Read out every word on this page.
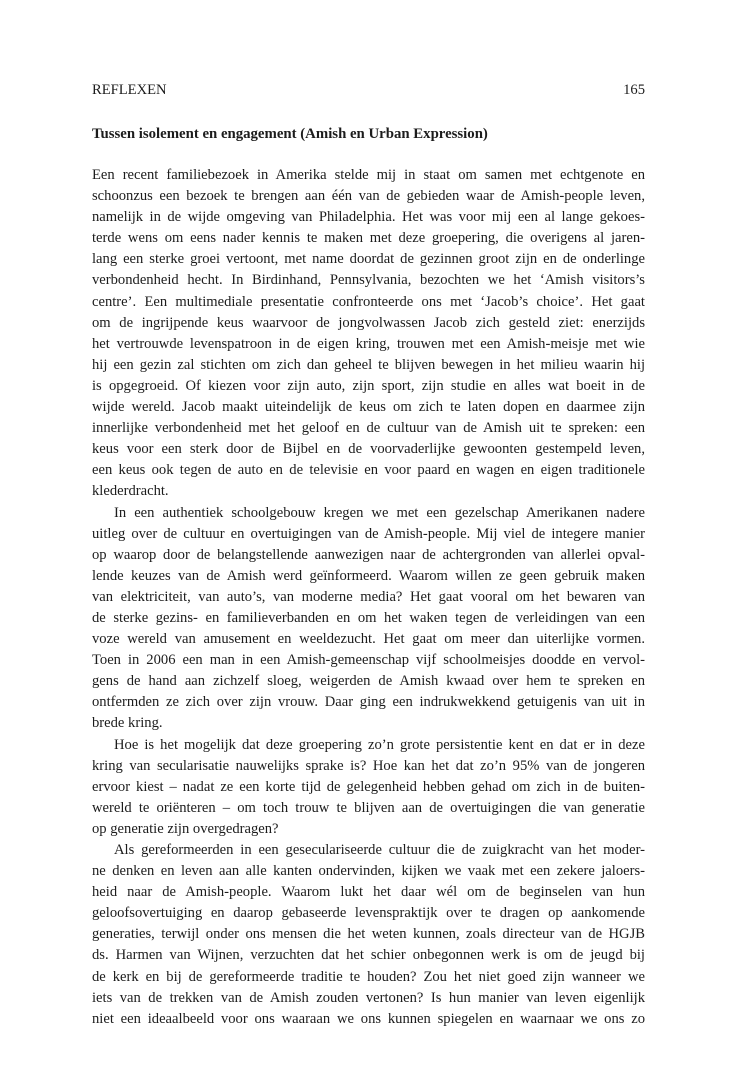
REFLEXEN	165
Tussen isolement en engagement (Amish en Urban Expression)
Een recent familiebezoek in Amerika stelde mij in staat om samen met echtgenote en
schoonzus een bezoek te brengen aan één van de gebieden waar de Amish-people leven,
namelijk in de wijde omgeving van Philadelphia. Het was voor mij een al lange gekoes-
terde wens om eens nader kennis te maken met deze groepering, die overigens al jaren-
lang een sterke groei vertoont, met name doordat de gezinnen groot zijn en de onderlinge
verbondenheid hecht. In Birdinhand, Pennsylvania, bezochten we het ‘Amish visitors’s
centre’. Een multimediale presentatie confronteerde ons met ‘Jacob’s choice’. Het gaat
om de ingrijpende keus waarvoor de jongvolwassen Jacob zich gesteld ziet: enerzijds
het vertrouwde levenspatroon in de eigen kring, trouwen met een Amish-meisje met wie
hij een gezin zal stichten om zich dan geheel te blijven bewegen in het milieu waarin hij
is opgegroeid. Of kiezen voor zijn auto, zijn sport, zijn studie en alles wat boeit in de
wijde wereld. Jacob maakt uiteindelijk de keus om zich te laten dopen en daarmee zijn
innerlijke verbondenheid met het geloof en de cultuur van de Amish uit te spreken: een
keus voor een sterk door de Bijbel en de voorvaderlijke gewoonten gestempeld leven,
een keus ook tegen de auto en de televisie en voor paard en wagen en eigen traditionele
klederdracht.
In een authentiek schoolgebouw kregen we met een gezelschap Amerikanen nadere
uitleg over de cultuur en overtuigingen van de Amish-people. Mij viel de integere manier
op waarop door de belangstellende aanwezigen naar de achtergronden van allerlei opval-
lende keuzes van de Amish werd geïnformeerd. Waarom willen ze geen gebruik maken
van elektriciteit, van auto’s, van moderne media? Het gaat vooral om het bewaren van
de sterke gezins- en familieverbanden en om het waken tegen de verleidingen van een
voze wereld van amusement en weeldezucht. Het gaat om meer dan uiterlijke vormen.
Toen in 2006 een man in een Amish-gemeenschap vijf schoolmeisjes doodde en vervol-
gens de hand aan zichzelf sloeg, weigerden de Amish kwaad over hem te spreken en
ontfermden ze zich over zijn vrouw. Daar ging een indrukwekkend getuigenis van uit in
brede kring.
Hoe is het mogelijk dat deze groepering zo’n grote persistentie kent en dat er in deze
kring van secularisatie nauwelijks sprake is? Hoe kan het dat zo’n 95% van de jongeren
ervoor kiest – nadat ze een korte tijd de gelegenheid hebben gehad om zich in de buiten-
wereld te oriënteren – om toch trouw te blijven aan de overtuigingen die van generatie
op generatie zijn overgedragen?
Als gereformeerden in een geseculariseerde cultuur die de zuigkracht van het moder-
ne denken en leven aan alle kanten ondervinden, kijken we vaak met een zekere jaloers-
heid naar de Amish-people. Waarom lukt het daar wél om de beginselen van hun
geloofsovertuiging en daarop gebaseerde levenspraktijk over te dragen op aankomende
generaties, terwijl onder ons mensen die het weten kunnen, zoals directeur van de HGJB
ds. Harmen van Wijnen, verzuchten dat het schier onbegonnen werk is om de jeugd bij
de kerk en bij de gereformeerde traditie te houden? Zou het niet goed zijn wanneer we
iets van de trekken van de Amish zouden vertonen? Is hun manier van leven eigenlijk
niet een ideaalbeeld voor ons waaraan we ons kunnen spiegelen en waarnaar we ons zo
